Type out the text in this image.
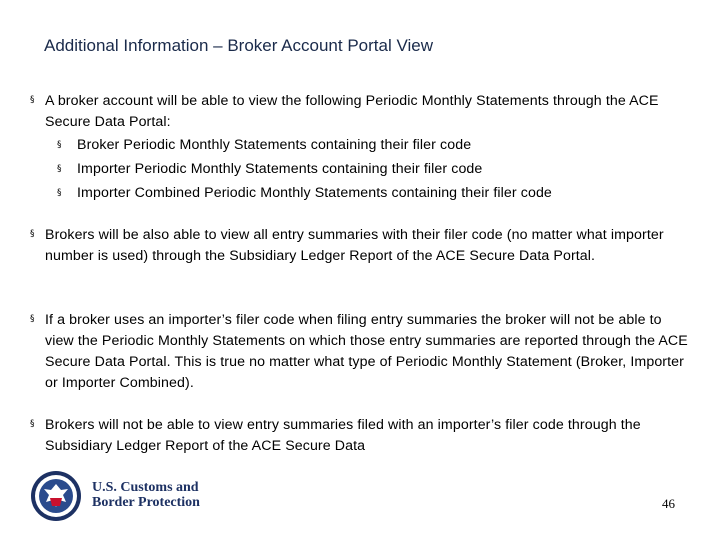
Additional Information – Broker Account Portal View
§ A broker account will be able to view the following Periodic Monthly Statements through the ACE Secure Data Portal:
§ Broker Periodic Monthly Statements containing their filer code
§ Importer Periodic Monthly Statements containing their filer code
§ Importer Combined Periodic Monthly Statements containing their filer code
§ Brokers will be also able to view all entry summaries with their filer code (no matter what importer number is used) through the Subsidiary Ledger Report of the ACE Secure Data Portal.
§ If a broker uses an importer’s filer code when filing entry summaries the broker will not be able to view the Periodic Monthly Statements on which those entry summaries are reported through the ACE Secure Data Portal. This is true no matter what type of Periodic Monthly Statement (Broker, Importer or Importer Combined).
§ Brokers will not be able to view entry summaries filed with an importer’s filer code through the Subsidiary Ledger Report of the ACE Secure Data
U.S. Customs and
Border Protection	46
